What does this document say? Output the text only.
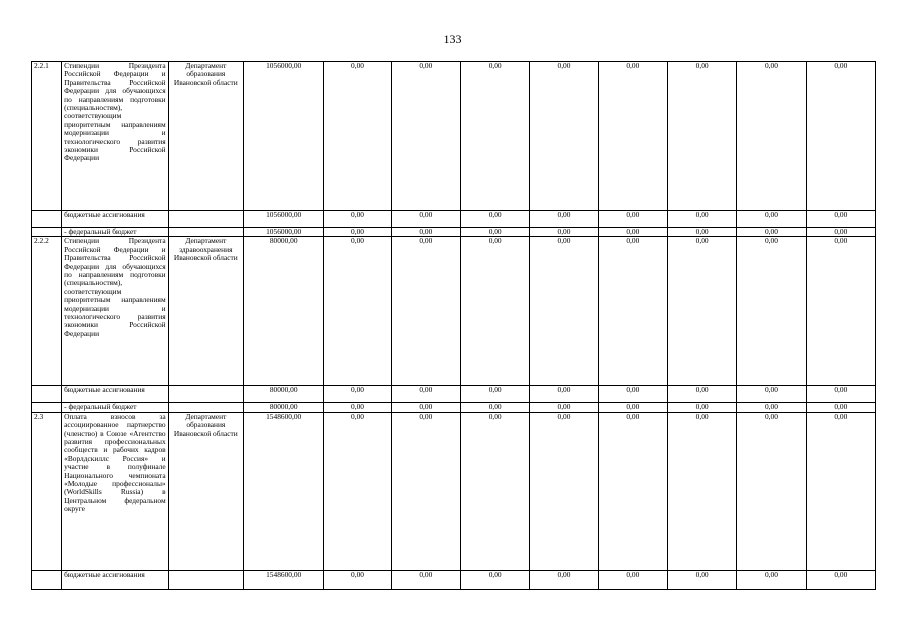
133
2.2.1	Стипендии Президента Российской Федерации и Правительства Российской Федерации для обучающихся по направлениям подготовки (специальностям), соответствующим приоритетным направлениям модернизации и технологического развития экономики Российской Федерации	Департамент образования Ивановской области	1056000,00	0,00	0,00	0,00	0,00	0,00	0,00	0,00	0,00
	бюджетные ассигнования		1056000,00	0,00	0,00	0,00	0,00	0,00	0,00	0,00	0,00
	- федеральный бюджет		1056000,00	0,00	0,00	0,00	0,00	0,00	0,00	0,00	0,00
2.2.2	Стипендии Президента Российской Федерации и Правительства Российской Федерации для обучающихся по направлениям подготовки (специальностям), соответствующим приоритетным направлениям модернизации и технологического развития экономики Российской Федерации	Департамент здравоохранения Ивановской области	80000,00	0,00	0,00	0,00	0,00	0,00	0,00	0,00	0,00
	бюджетные ассигнования		80000,00	0,00	0,00	0,00	0,00	0,00	0,00	0,00	0,00
	- федеральный бюджет		80000,00	0,00	0,00	0,00	0,00	0,00	0,00	0,00	0,00
2.3	Оплата взносов за ассоциированное партнерство (членство) в Союзе «Агентство развития профессиональных сообществ и рабочих кадров «Ворлдскиллс Россия» и участие в полуфинале Национального чемпионата «Молодые профессионалы» (WorldSkills Russia) в Центральном федеральном округе	Департамент образования Ивановской области	1548600,00	0,00	0,00	0,00	0,00	0,00	0,00	0,00	0,00
	бюджетные ассигнования		1548600,00	0,00	0,00	0,00	0,00	0,00	0,00	0,00	0,00
